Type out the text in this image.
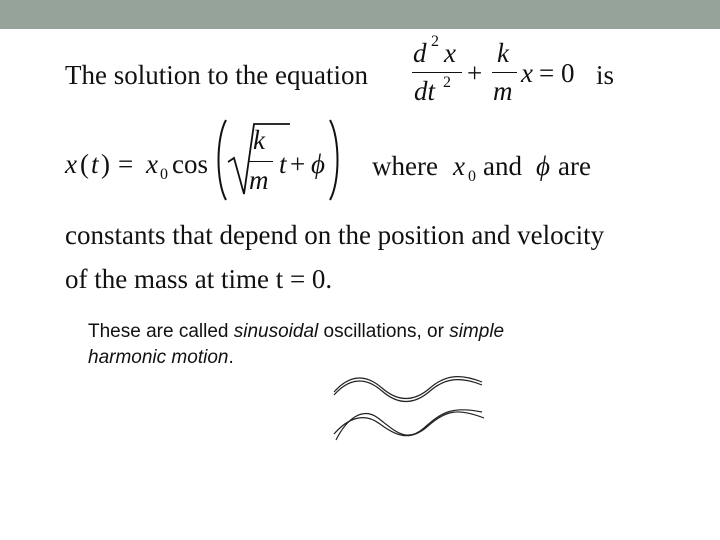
The solution to the equation
d 2 x
dt 2 +
k
m
x = 0 is
x ( t ) = x 0 cos
k
m
t + ϕ where x 0 and ϕ are
constants that depend on the position and velocity
of the mass at time t = 0.
These are called sinusoidal oscillations, or simple
harmonic motion.
